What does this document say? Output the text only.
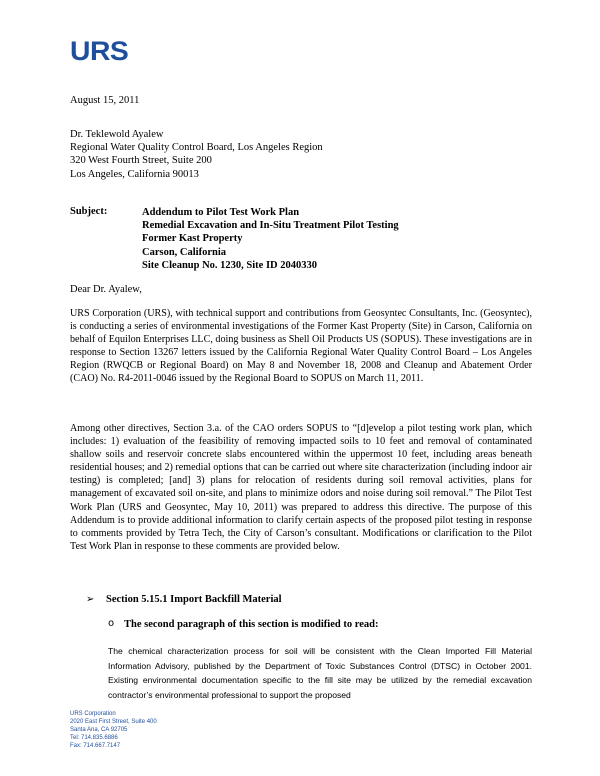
URS
August 15, 2011
Dr. Teklewold Ayalew
Regional Water Quality Control Board, Los Angeles Region
320 West Fourth Street, Suite 200
Los Angeles, California 90013
Subject:	Addendum to Pilot Test Work Plan
Remedial Excavation and In-Situ Treatment Pilot Testing
Former Kast Property
Carson, California
Site Cleanup No. 1230, Site ID 2040330
Dear Dr. Ayalew,

URS Corporation (URS), with technical support and contributions from Geosyntec Consultants, Inc. (Geosyntec), is conducting a series of environmental investigations of the Former Kast Property (Site) in Carson, California on behalf of Equilon Enterprises LLC, doing business as Shell Oil Products US (SOPUS). These investigations are in response to Section 13267 letters issued by the California Regional Water Quality Control Board – Los Angeles Region (RWQCB or Regional Board) on May 8 and November 18, 2008 and Cleanup and Abatement Order (CAO) No. R4-2011-0046 issued by the Regional Board to SOPUS on March 11, 2011.

Among other directives, Section 3.a. of the CAO orders SOPUS to “[d]evelop a pilot testing work plan, which includes: 1) evaluation of the feasibility of removing impacted soils to 10 feet and removal of contaminated shallow soils and reservoir concrete slabs encountered within the uppermost 10 feet, including areas beneath residential houses; and 2) remedial options that can be carried out where site characterization (including indoor air testing) is completed; [and] 3) plans for relocation of residents during soil removal activities, plans for management of excavated soil on-site, and plans to minimize odors and noise during soil removal.” The Pilot Test Work Plan (URS and Geosyntec, May 10, 2011) was prepared to address this directive. The purpose of this Addendum is to provide additional information to clarify certain aspects of the proposed pilot testing in response to comments provided by Tetra Tech, the City of Carson’s consultant. Modifications or clarification to the Pilot Test Work Plan in response to these comments are provided below.

➢ Section 5.15.1 Import Backfill Material
o The second paragraph of this section is modified to read:

The chemical characterization process for soil will be consistent with the Clean Imported Fill Material Information Advisory, published by the Department of Toxic Substances Control (DTSC) in October 2001. Existing environmental documentation specific to the fill site may be utilized by the remedial excavation contractor’s environmental professional to support the proposed

URS Corporation
2020 East First Street, Suite 400
Santa Ana, CA 92705
Tel: 714.835.6886
Fax: 714.667.7147
